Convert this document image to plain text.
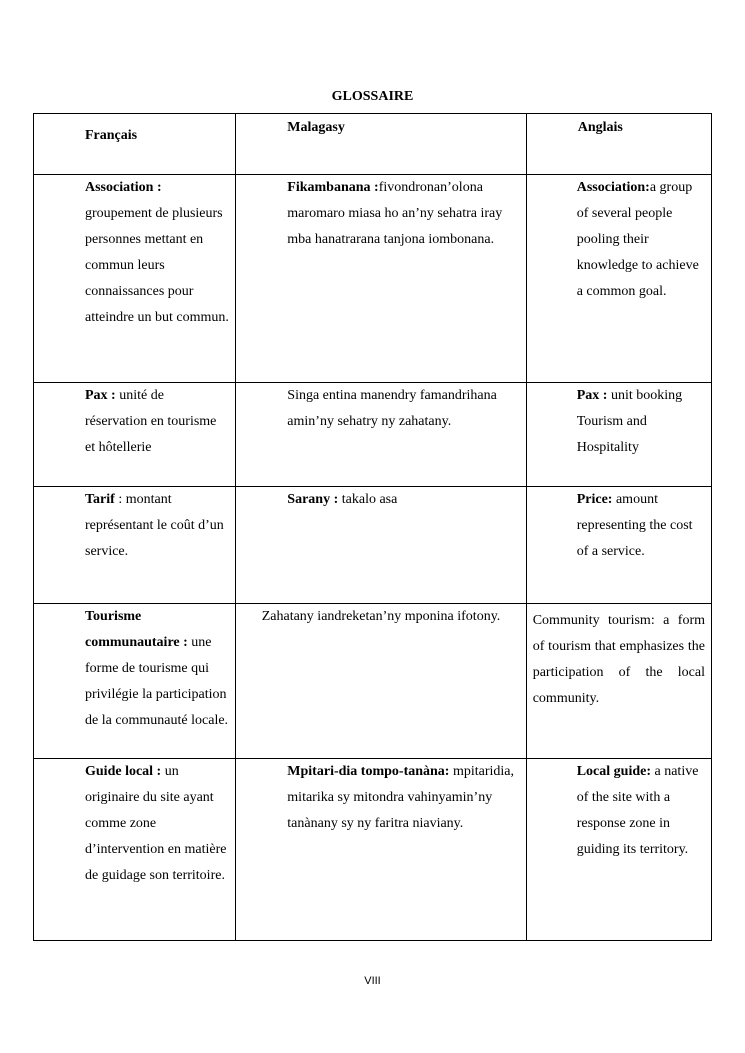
GLOSSAIRE
Français	Malagasy	Anglais

Association : groupement de plusieurs personnes mettant en commun leurs connaissances pour atteindre un but commun.	Fikambanana :fivondronan’olona maromaro miasa ho an’ny sehatra iray mba hanatrarana tanjona iombonana.	Association:a group of several people pooling their knowledge to achieve a common goal.

Pax : unité de réservation en tourisme et hôtellerie	Singa entina manendry famandrihana amin’ny sehatry ny zahatany.	Pax : unit booking Tourism and Hospitality

Tarif : montant représentant le coût d’un service.	Sarany : takalo asa	Price: amount representing the cost of a service.

Tourisme communautaire : une forme de tourisme qui privilégie la participation de la communauté locale.	Zahatany iandreketan’ny mponina ifotony.	Community tourism: a form of tourism that emphasizes the participation of the local community.

Guide local : un originaire du site ayant comme zone d’intervention en matière de guidage son territoire.	Mpitari-dia tompo-tanàna: mpitaridia, mitarika sy mitondra vahinyamin’ny tanànany sy ny faritra niaviany.	Local guide: a native of the site with a response zone in guiding its territory.
VIII
